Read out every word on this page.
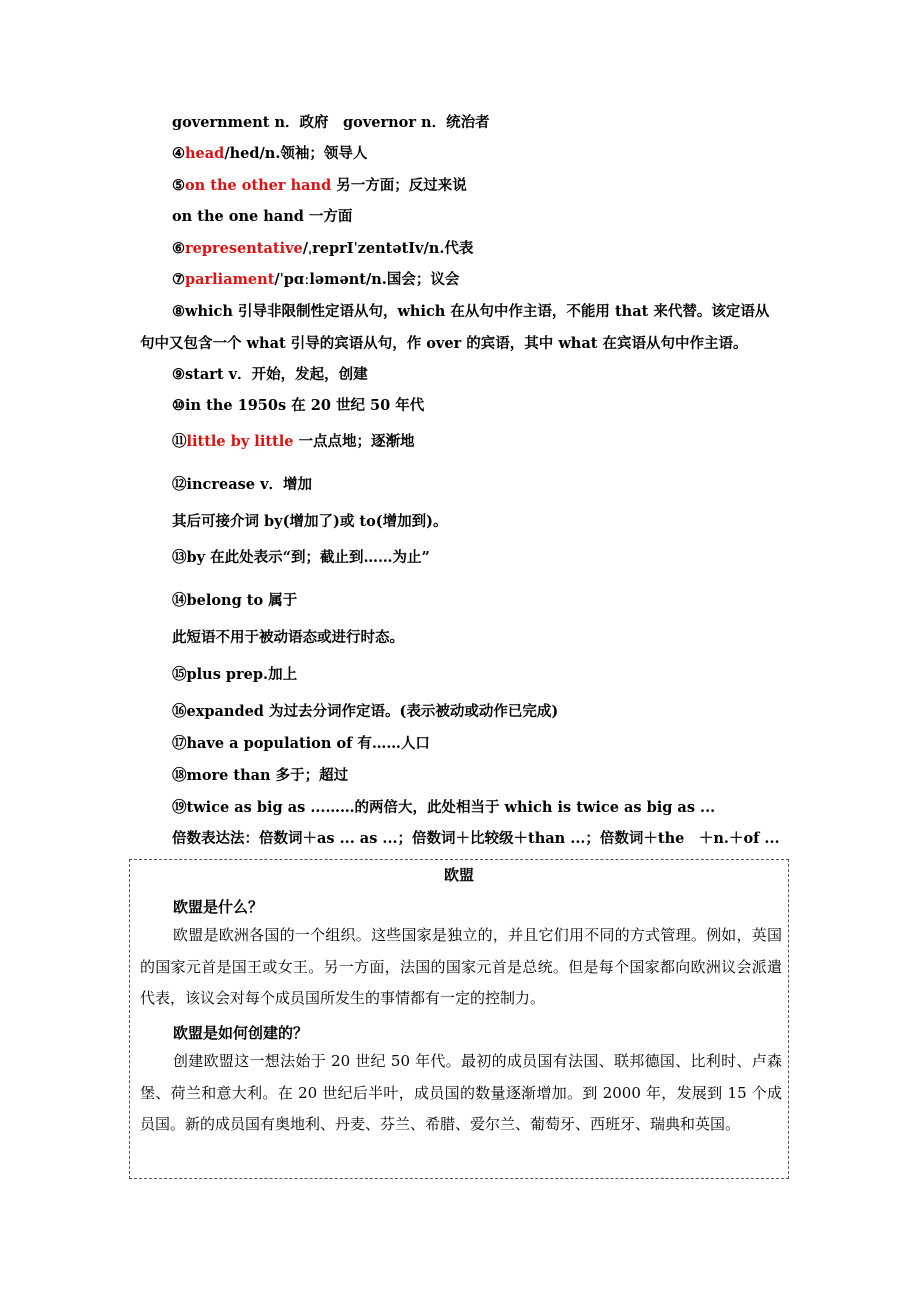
government n．政府　governor n．统治者
④head/hed/n.领袖；领导人
⑤on the other hand 另一方面；反过来说
on the one hand 一方面
⑥representative/ˌreprIˈzentətIv/n.代表
⑦parliament/ˈpɑːləmənt/n.国会；议会
⑧which 引导非限制性定语从句，which 在从句中作主语，不能用 that 来代替。该定语从句中又包含一个 what 引导的宾语从句，作 over 的宾语，其中 what 在宾语从句中作主语。
⑨start v．开始，发起，创建
⑩in the 1950s 在 20 世纪 50 年代
⑪little by little 一点点地；逐渐地
⑫increase v．增加
其后可接介词 by(增加了)或 to(增加到)。
⑬by 在此处表示“到；截止到……为止”
⑭belong to 属于
此短语不用于被动语态或进行时态。
⑮plus prep.加上
⑯expanded 为过去分词作定语。(表示被动或动作已完成)
⑰have a population of 有……人口
⑱more than 多于；超过
⑲twice as big as ...……的两倍大，此处相当于 which is twice as big as ...
倍数表达法：倍数词＋as ... as ...；倍数词＋比较级＋than ...；倍数词＋the　＋n.＋of ...
欧盟
欧盟是什么？
欧盟是欧洲各国的一个组织。这些国家是独立的，并且它们用不同的方式管理。例如，英国的国家元首是国王或女王。另一方面，法国的国家元首是总统。但是每个国家都向欧洲议会派遣代表，该议会对每个成员国所发生的事情都有一定的控制力。
欧盟是如何创建的？
创建欧盟这一想法始于 20 世纪 50 年代。最初的成员国有法国、联邦德国、比利时、卢森堡、荷兰和意大利。在 20 世纪后半叶，成员国的数量逐渐增加。到 2000 年，发展到 15 个成员国。新的成员国有奥地利、丹麦、芬兰、希腊、爱尔兰、葡萄牙、西班牙、瑞典和英国。
